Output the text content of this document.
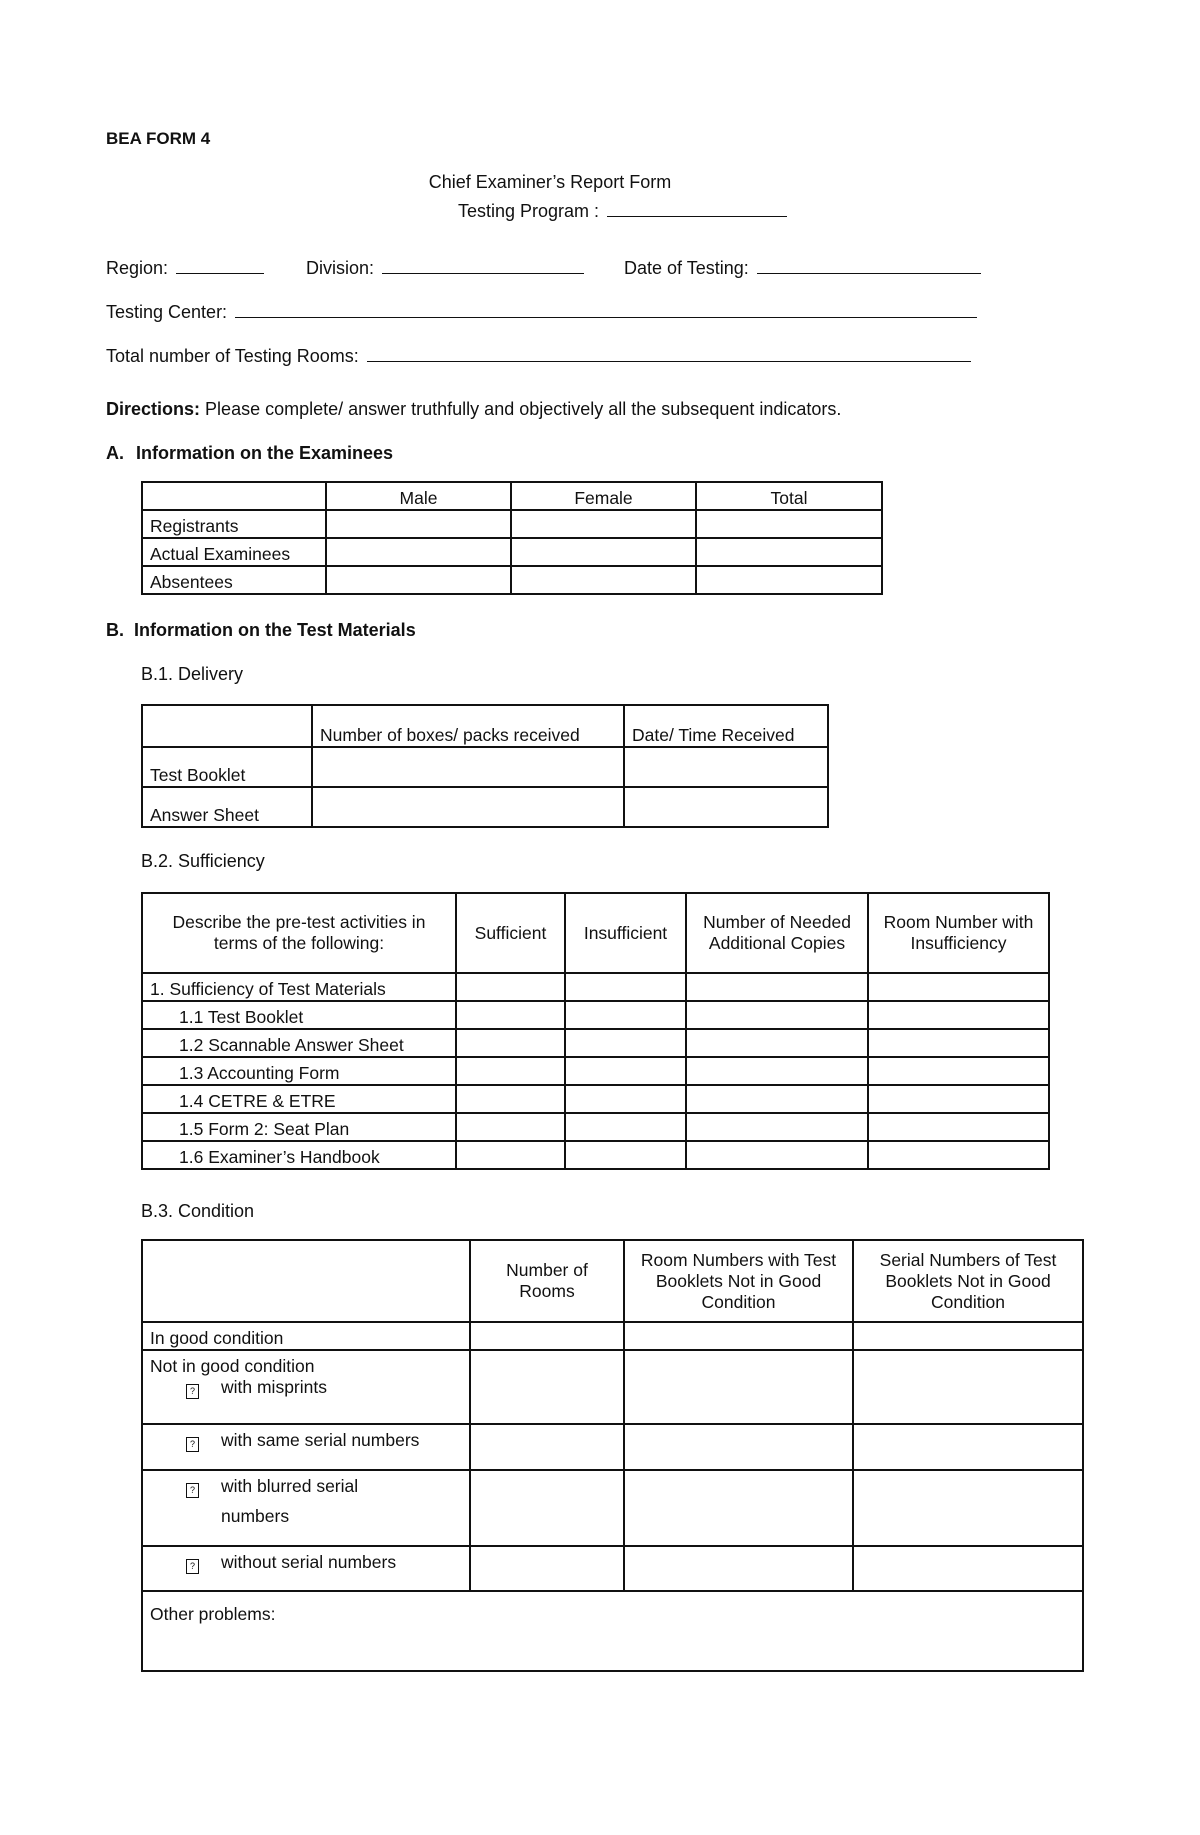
BEA FORM 4
Chief Examiner’s Report Form
Testing Program :
Region:	Division:	Date of Testing:
Testing Center:
Total number of Testing Rooms:
Directions: Please complete/ answer truthfully and objectively all the subsequent indicators.
A. Information on the Examinees
	Male	Female	Total
Registrants			
Actual Examinees			
Absentees			
B. Information on the Test Materials
B.1. Delivery
	Number of boxes/ packs received	Date/ Time Received
Test Booklet		
Answer Sheet		
B.2. Sufficiency
Describe the pre-test activities in terms of the following:	Sufficient	Insufficient	Number of Needed Additional Copies	Room Number with Insufficiency
1. Sufficiency of Test Materials				
1.1 Test Booklet				
1.2 Scannable Answer Sheet				
1.3 Accounting Form				
1.4 CETRE & ETRE				
1.5 Form 2: Seat Plan				
1.6 Examiner’s Handbook				
B.3. Condition
	Number of Rooms	Room Numbers with Test Booklets Not in Good Condition	Serial Numbers of Test Booklets Not in Good Condition
In good condition			

Not in good condition
? with misprints			

? with same serial numbers			
? with blurred serial numbers			
? without serial numbers			
Other problems:			
